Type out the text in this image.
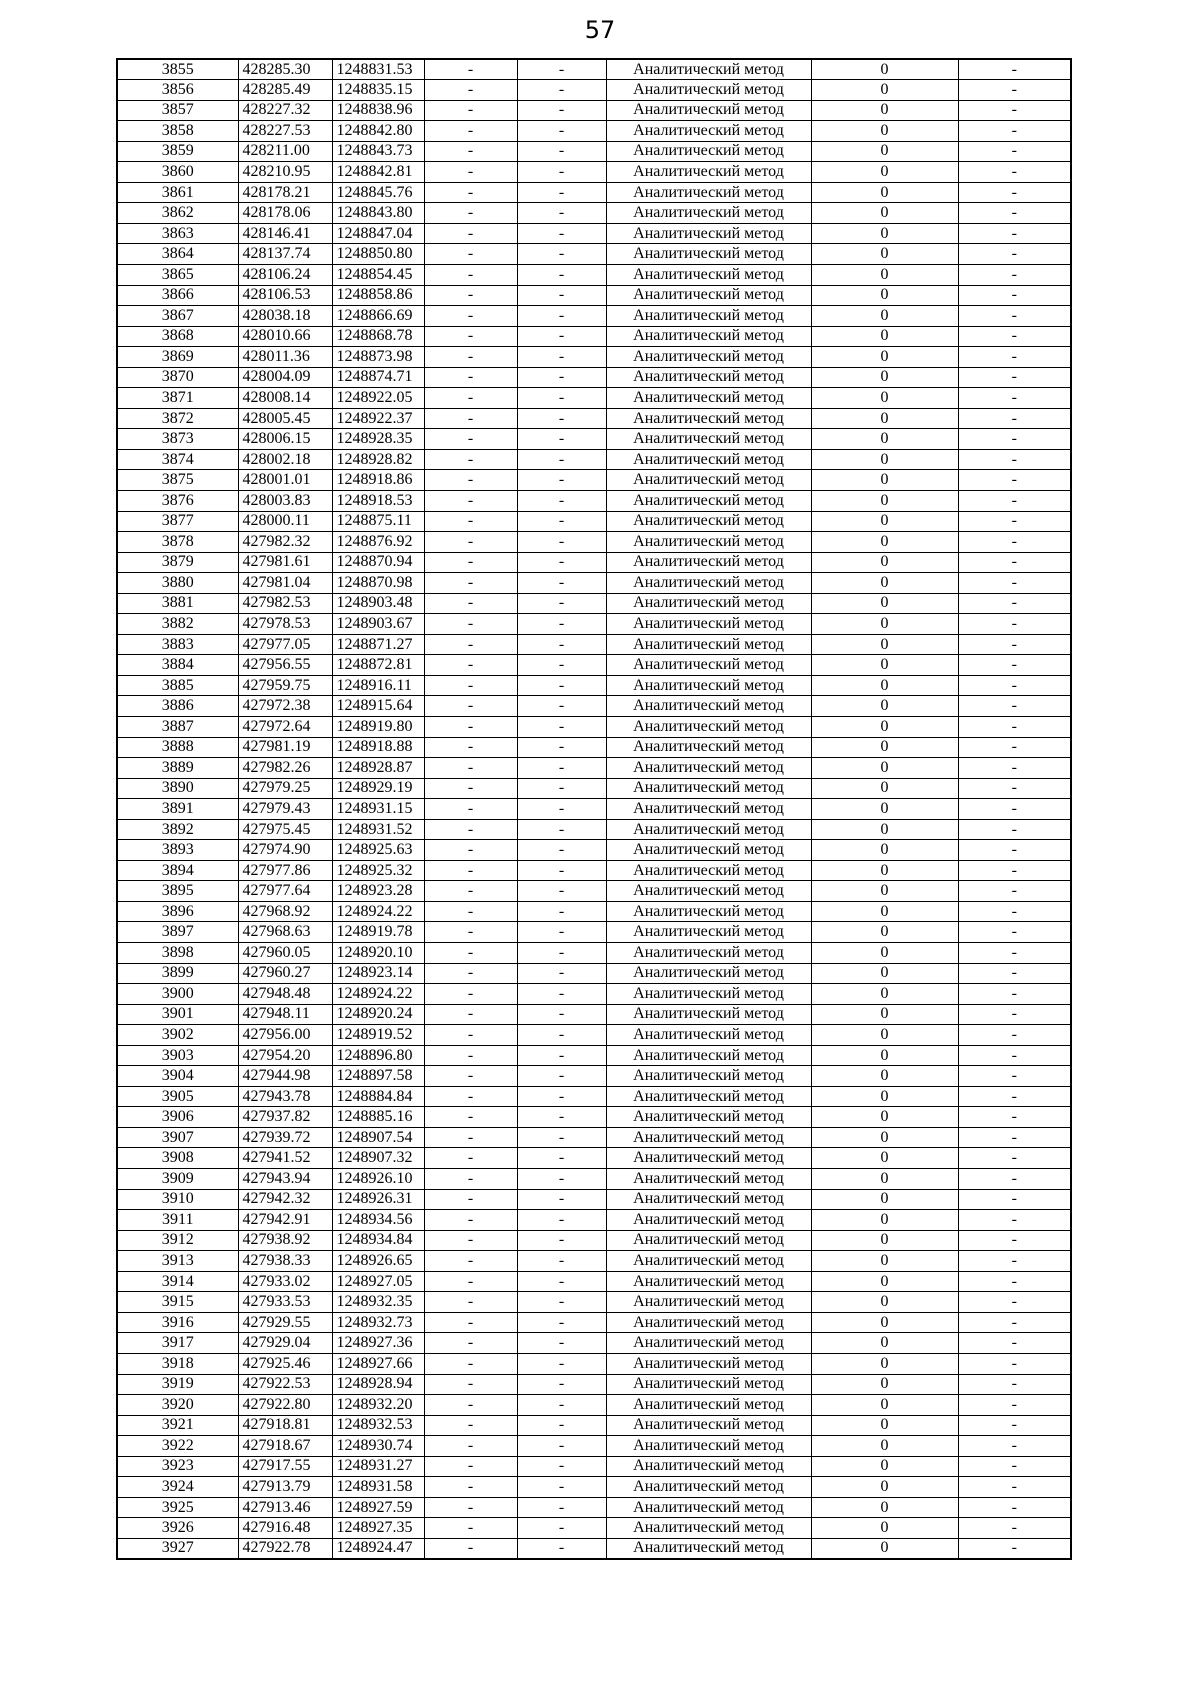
57
3855	428285.30	1248831.53	-	-	Аналитический метод	0	-
3856	428285.49	1248835.15	-	-	Аналитический метод	0	-
3857	428227.32	1248838.96	-	-	Аналитический метод	0	-
3858	428227.53	1248842.80	-	-	Аналитический метод	0	-
3859	428211.00	1248843.73	-	-	Аналитический метод	0	-
3860	428210.95	1248842.81	-	-	Аналитический метод	0	-
3861	428178.21	1248845.76	-	-	Аналитический метод	0	-
3862	428178.06	1248843.80	-	-	Аналитический метод	0	-
3863	428146.41	1248847.04	-	-	Аналитический метод	0	-
3864	428137.74	1248850.80	-	-	Аналитический метод	0	-
3865	428106.24	1248854.45	-	-	Аналитический метод	0	-
3866	428106.53	1248858.86	-	-	Аналитический метод	0	-
3867	428038.18	1248866.69	-	-	Аналитический метод	0	-
3868	428010.66	1248868.78	-	-	Аналитический метод	0	-
3869	428011.36	1248873.98	-	-	Аналитический метод	0	-
3870	428004.09	1248874.71	-	-	Аналитический метод	0	-
3871	428008.14	1248922.05	-	-	Аналитический метод	0	-
3872	428005.45	1248922.37	-	-	Аналитический метод	0	-
3873	428006.15	1248928.35	-	-	Аналитический метод	0	-
3874	428002.18	1248928.82	-	-	Аналитический метод	0	-
3875	428001.01	1248918.86	-	-	Аналитический метод	0	-
3876	428003.83	1248918.53	-	-	Аналитический метод	0	-
3877	428000.11	1248875.11	-	-	Аналитический метод	0	-
3878	427982.32	1248876.92	-	-	Аналитический метод	0	-
3879	427981.61	1248870.94	-	-	Аналитический метод	0	-
3880	427981.04	1248870.98	-	-	Аналитический метод	0	-
3881	427982.53	1248903.48	-	-	Аналитический метод	0	-
3882	427978.53	1248903.67	-	-	Аналитический метод	0	-
3883	427977.05	1248871.27	-	-	Аналитический метод	0	-
3884	427956.55	1248872.81	-	-	Аналитический метод	0	-
3885	427959.75	1248916.11	-	-	Аналитический метод	0	-
3886	427972.38	1248915.64	-	-	Аналитический метод	0	-
3887	427972.64	1248919.80	-	-	Аналитический метод	0	-
3888	427981.19	1248918.88	-	-	Аналитический метод	0	-
3889	427982.26	1248928.87	-	-	Аналитический метод	0	-
3890	427979.25	1248929.19	-	-	Аналитический метод	0	-
3891	427979.43	1248931.15	-	-	Аналитический метод	0	-
3892	427975.45	1248931.52	-	-	Аналитический метод	0	-
3893	427974.90	1248925.63	-	-	Аналитический метод	0	-
3894	427977.86	1248925.32	-	-	Аналитический метод	0	-
3895	427977.64	1248923.28	-	-	Аналитический метод	0	-
3896	427968.92	1248924.22	-	-	Аналитический метод	0	-
3897	427968.63	1248919.78	-	-	Аналитический метод	0	-
3898	427960.05	1248920.10	-	-	Аналитический метод	0	-
3899	427960.27	1248923.14	-	-	Аналитический метод	0	-
3900	427948.48	1248924.22	-	-	Аналитический метод	0	-
3901	427948.11	1248920.24	-	-	Аналитический метод	0	-
3902	427956.00	1248919.52	-	-	Аналитический метод	0	-
3903	427954.20	1248896.80	-	-	Аналитический метод	0	-
3904	427944.98	1248897.58	-	-	Аналитический метод	0	-
3905	427943.78	1248884.84	-	-	Аналитический метод	0	-
3906	427937.82	1248885.16	-	-	Аналитический метод	0	-
3907	427939.72	1248907.54	-	-	Аналитический метод	0	-
3908	427941.52	1248907.32	-	-	Аналитический метод	0	-
3909	427943.94	1248926.10	-	-	Аналитический метод	0	-
3910	427942.32	1248926.31	-	-	Аналитический метод	0	-
3911	427942.91	1248934.56	-	-	Аналитический метод	0	-
3912	427938.92	1248934.84	-	-	Аналитический метод	0	-
3913	427938.33	1248926.65	-	-	Аналитический метод	0	-
3914	427933.02	1248927.05	-	-	Аналитический метод	0	-
3915	427933.53	1248932.35	-	-	Аналитический метод	0	-
3916	427929.55	1248932.73	-	-	Аналитический метод	0	-
3917	427929.04	1248927.36	-	-	Аналитический метод	0	-
3918	427925.46	1248927.66	-	-	Аналитический метод	0	-
3919	427922.53	1248928.94	-	-	Аналитический метод	0	-
3920	427922.80	1248932.20	-	-	Аналитический метод	0	-
3921	427918.81	1248932.53	-	-	Аналитический метод	0	-
3922	427918.67	1248930.74	-	-	Аналитический метод	0	-
3923	427917.55	1248931.27	-	-	Аналитический метод	0	-
3924	427913.79	1248931.58	-	-	Аналитический метод	0	-
3925	427913.46	1248927.59	-	-	Аналитический метод	0	-
3926	427916.48	1248927.35	-	-	Аналитический метод	0	-
3927	427922.78	1248924.47	-	-	Аналитический метод	0	-
